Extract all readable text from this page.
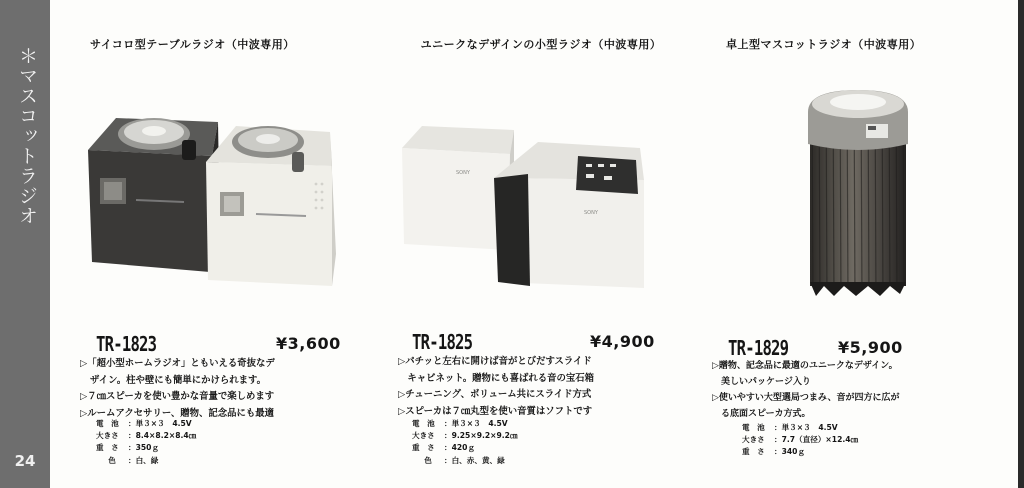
＊マスコットラジオ
24
サイコロ型テーブルラジオ（中波専用）
TR-1823	¥3,600
▷「超小型ホームラジオ」ともいえる奇抜なデ
ザイン。柱や壁にも簡単にかけられます。
▷７㎝スピーカを使い豊かな音量で楽しめます
▷ルームアクセサリー、贈物、記念品にも最適
電　池 ：単３×３　4.5V
大きさ ：8.4×8.2×8.4㎝
重　さ ：350ｇ
色 ：白、緑
ユニークなデザインの小型ラジオ（中波専用）
SONY
SONY
TR-1825	¥4,900
▷パチッと左右に開けば音がとびだすスライド
　キャビネット。贈物にも喜ばれる音の宝石箱
▷チューニング、ボリューム共にスライド方式
▷スピーカは７㎝丸型を使い音質はソフトです
電　池 ：単３×３　4.5V
大きさ ：9.25×9.2×9.2㎝
重　さ ：420ｇ
色 ：白、赤、黄、緑
卓上型マスコットラジオ（中波専用）
TR-1829	¥5,900
▷贈物、記念品に最適のユニークなデザイン。
　美しいパッケージ入り
▷使いやすい大型選局つまみ、音が四方に広が
　る底面スピーカ方式。
電　池 ：単３×３　4.5V
大きさ ：7.7（直径）×12.4㎝
重　さ ：340ｇ
